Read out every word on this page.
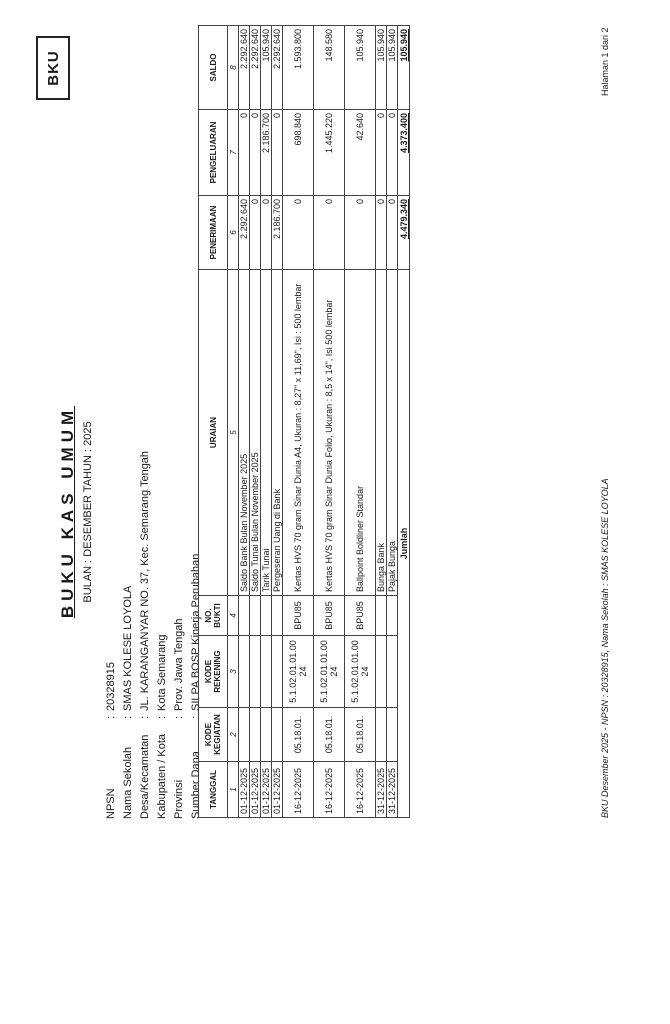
BKU
BUKU KAS UMUM BULAN : DESEMBER TAHUN : 2025
NPSN
:
20328915
Nama Sekolah
:
SMAS KOLESE LOYOLA
Desa/Kecamatan
:
JL. KARANGANYAR NO. 37, Kec. Semarang Tengah
Kabupaten / Kota
:
Kota Semarang
Provinsi
:
Prov. Jawa Tengah
Sumber Dana
:
SILPA BOSP Kinerja Perubahan
TANGGAL	KODE KEGIATAN	KODE REKENING	NO. BUKTI	URAIAN	PENERIMAAN	PENGELUARAN	SALDO
1	2	3	4	5	6	7	8
01-12-2025				Saldo Bank Bulan November 2025	2.292.640	0	2.292.640
01-12-2025				Saldo Tunai Bulan November 2025	0	0	2.292.640
01-12-2025				Tarik Tunai	0	2.186.700	105.940
01-12-2025				Pergeseran Uang di Bank	2.186.700	0	2.292.640
16-12-2025	05.18.01.	5.1.02.01.01.00 24	BPU85	Kertas HVS 70 gram Sinar Dunia A4, Ukuran : 8,27" x 11,69", Isi : 500 lembar	0	698.840	1.593.800
16-12-2025	05.18.01.	5.1.02.01.01.00 24	BPU85	Kertas HVS 70 gram Sinar Dunia Folio, Ukuran : 8,5 x 14", Isi 500 lembar	0	1.445.220	148.580
16-12-2025	05.18.01.	5.1.02.01.01.00 24	BPU85	Ballpoint Boldliner Standar	0	42.640	105.940
31-12-2025				Bunga Bank	0	0	105.940
31-12-2025				Pajak Bunga	0	0	105.940
Jumlah					4.479.340	4.373.400	105.940
BKU Desember 2025 - NPSN : 20328915, Nama Sekolah : SMAS KOLESE LOYOLA
Halaman 1 dari 2
